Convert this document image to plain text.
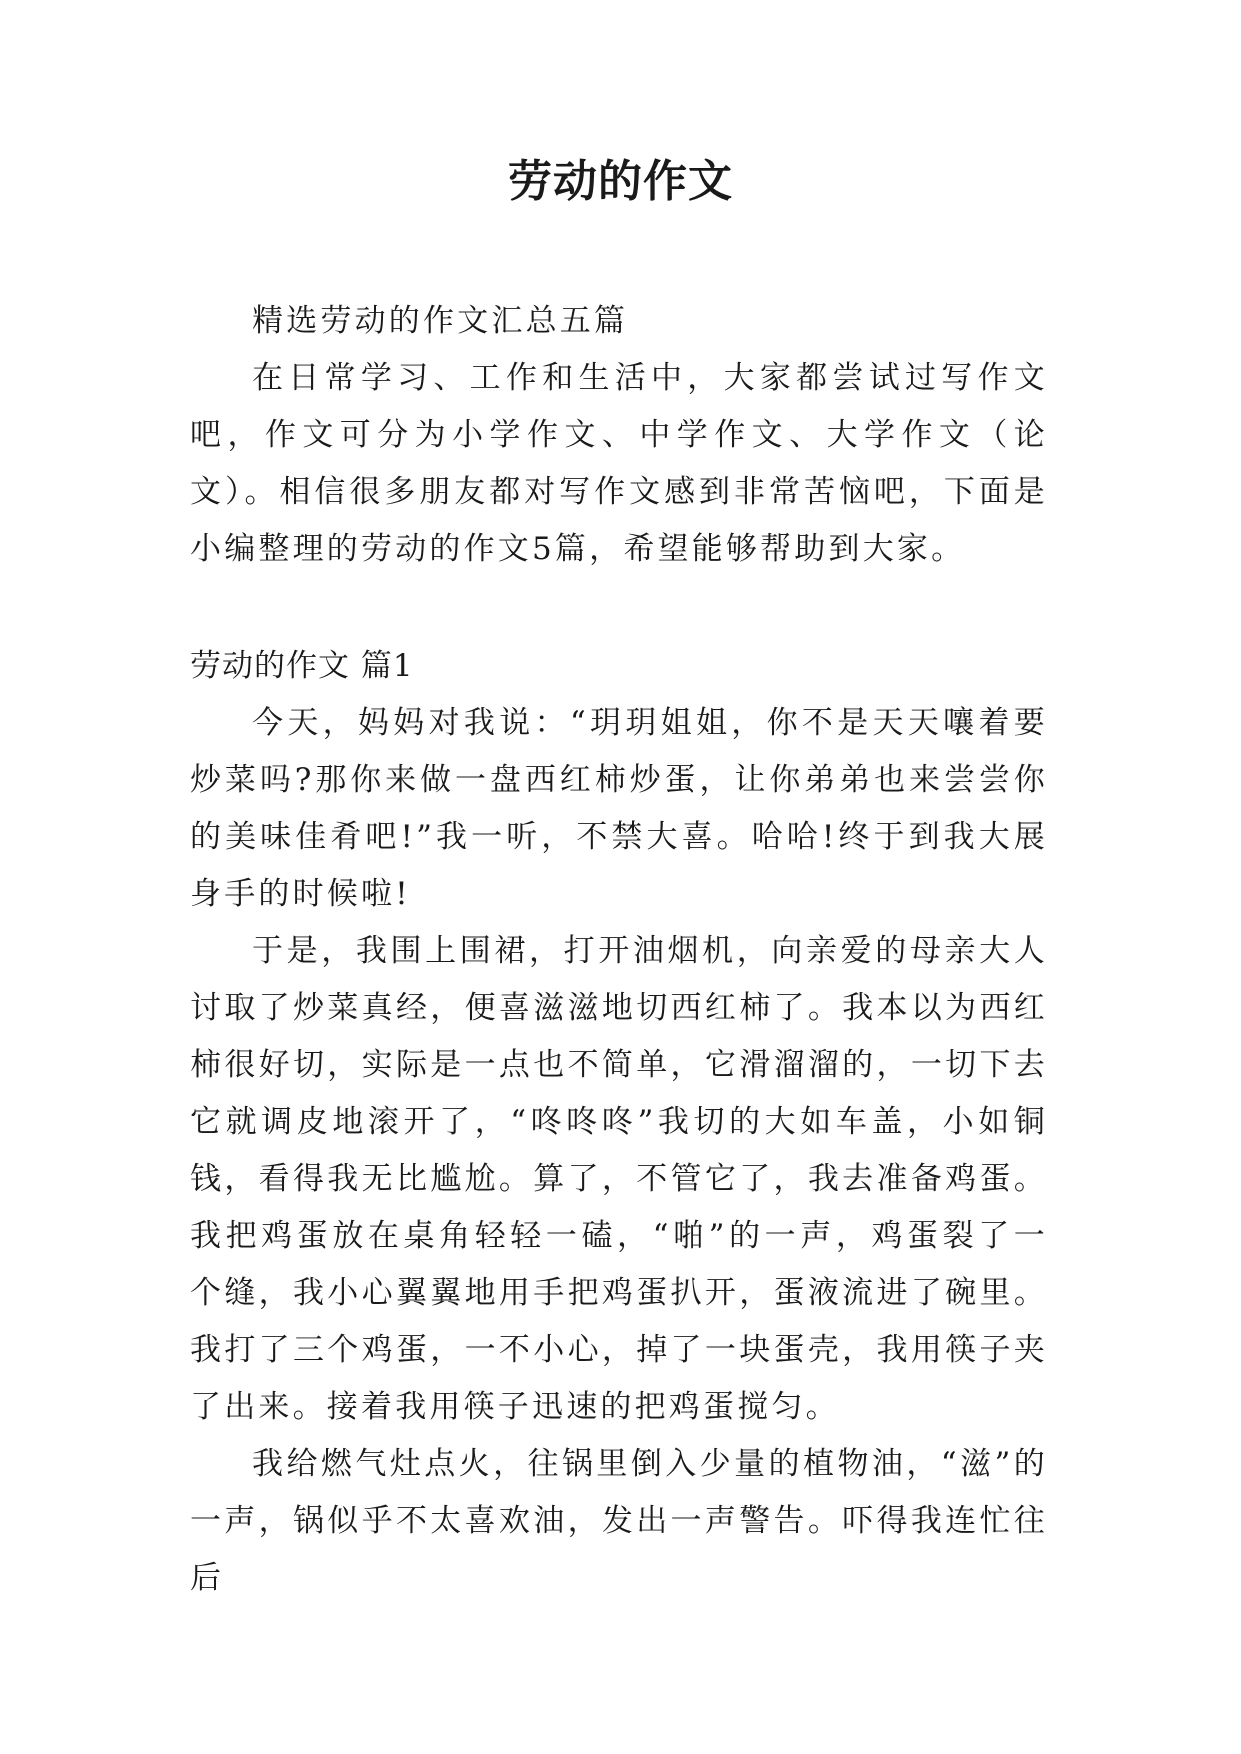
劳动的作文

精选劳动的作文汇总五篇

在日常学习、工作和生活中，大家都尝试过写作文吧，作文可分为小学作文、中学作文、大学作文（论文）。相信很多朋友都对写作文感到非常苦恼吧，下面是小编整理的劳动的作文5篇，希望能够帮助到大家。

劳动的作文 篇1

今天，妈妈对我说：“玥玥姐姐，你不是天天嚷着要炒菜吗?那你来做一盘西红柿炒蛋，让你弟弟也来尝尝你的美味佳肴吧!”我一听，不禁大喜。哈哈!终于到我大展身手的时候啦!

于是，我围上围裙，打开油烟机，向亲爱的母亲大人讨取了炒菜真经，便喜滋滋地切西红柿了。我本以为西红柿很好切，实际是一点也不简单，它滑溜溜的，一切下去它就调皮地滚开了，“咚咚咚”我切的大如车盖，小如铜钱，看得我无比尴尬。算了，不管它了，我去准备鸡蛋。我把鸡蛋放在桌角轻轻一磕，“啪”的一声，鸡蛋裂了一个缝，我小心翼翼地用手把鸡蛋扒开，蛋液流进了碗里。我打了三个鸡蛋，一不小心，掉了一块蛋壳，我用筷子夹了出来。接着我用筷子迅速的把鸡蛋搅匀。

我给燃气灶点火，往锅里倒入少量的植物油，“滋”的一声，锅似乎不太喜欢油，发出一声警告。吓得我连忙往后
